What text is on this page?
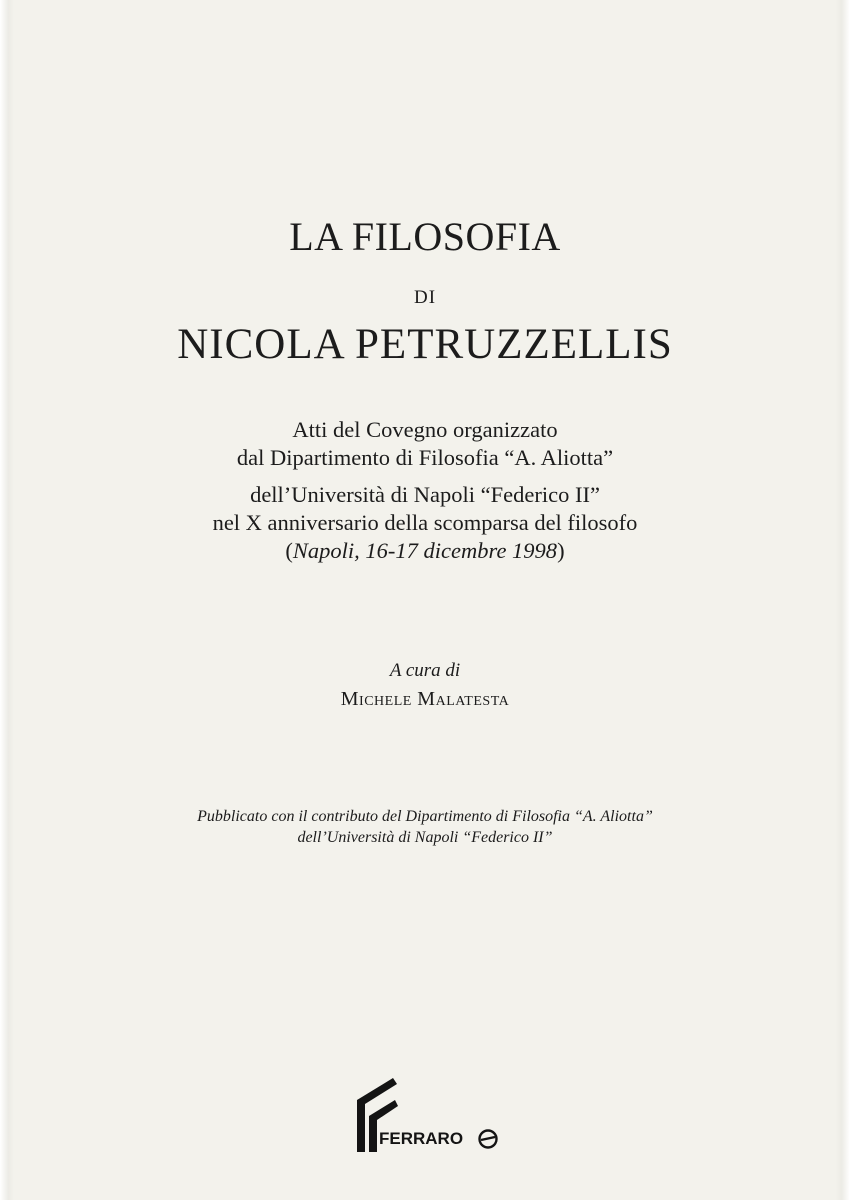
LA FILOSOFIA
DI
NICOLA PETRUZZELLIS
Atti del Covegno organizzato
dal Dipartimento di Filosofia “A. Aliotta”
dell’Università di Napoli “Federico II”
nel X anniversario della scomparsa del filosofo
(Napoli, 16-17 dicembre 1998)
A cura di
Michele Malatesta
Pubblicato con il contributo del Dipartimento di Filosofia “A. Aliotta”
dell’Università di Napoli “Federico II”
FERRARO
